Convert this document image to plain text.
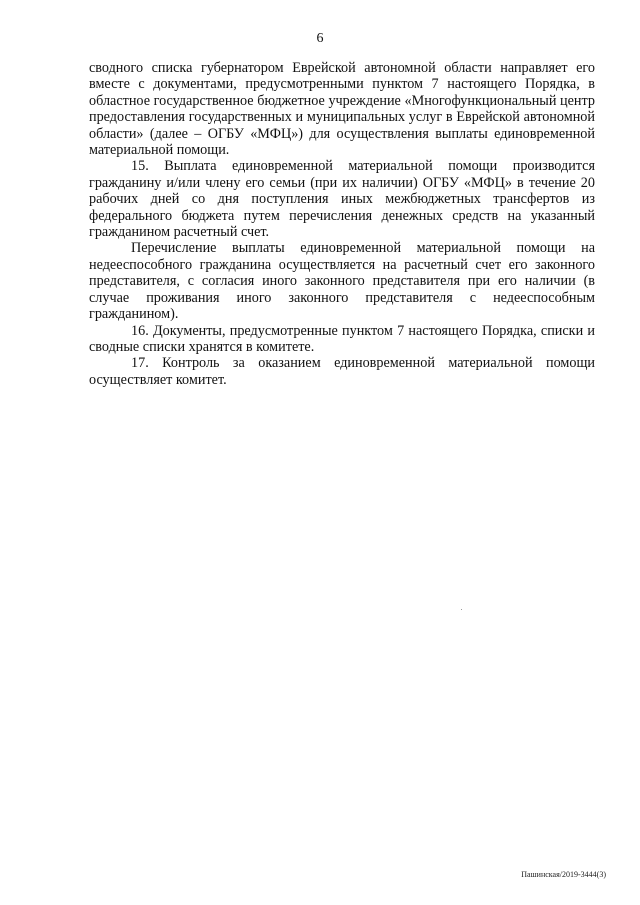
6

сводного списка губернатором Еврейской автономной области направляет его вместе с документами, предусмотренными пунктом 7 настоящего Порядка, в областное государственное бюджетное учреждение «Многофункциональный центр предоставления государственных и муниципальных услуг в Еврейской автономной области» (далее – ОГБУ «МФЦ») для осуществления выплаты единовременной материальной помощи.

15. Выплата единовременной материальной помощи производится гражданину и/или члену его семьи (при их наличии) ОГБУ «МФЦ» в течение 20 рабочих дней со дня поступления иных межбюджетных трансфертов из федерального бюджета путем перечисления денежных средств на указанный гражданином расчетный счет.

Перечисление выплаты единовременной материальной помощи на недееспособного гражданина осуществляется на расчетный счет его законного представителя, с согласия иного законного представителя при его наличии (в случае проживания иного законного представителя с недееспособным гражданином).

16. Документы, предусмотренные пунктом 7 настоящего Порядка, списки и сводные списки хранятся в комитете.

17. Контроль за оказанием единовременной материальной помощи осуществляет комитет.

Пашинская/2019-3444(3)
